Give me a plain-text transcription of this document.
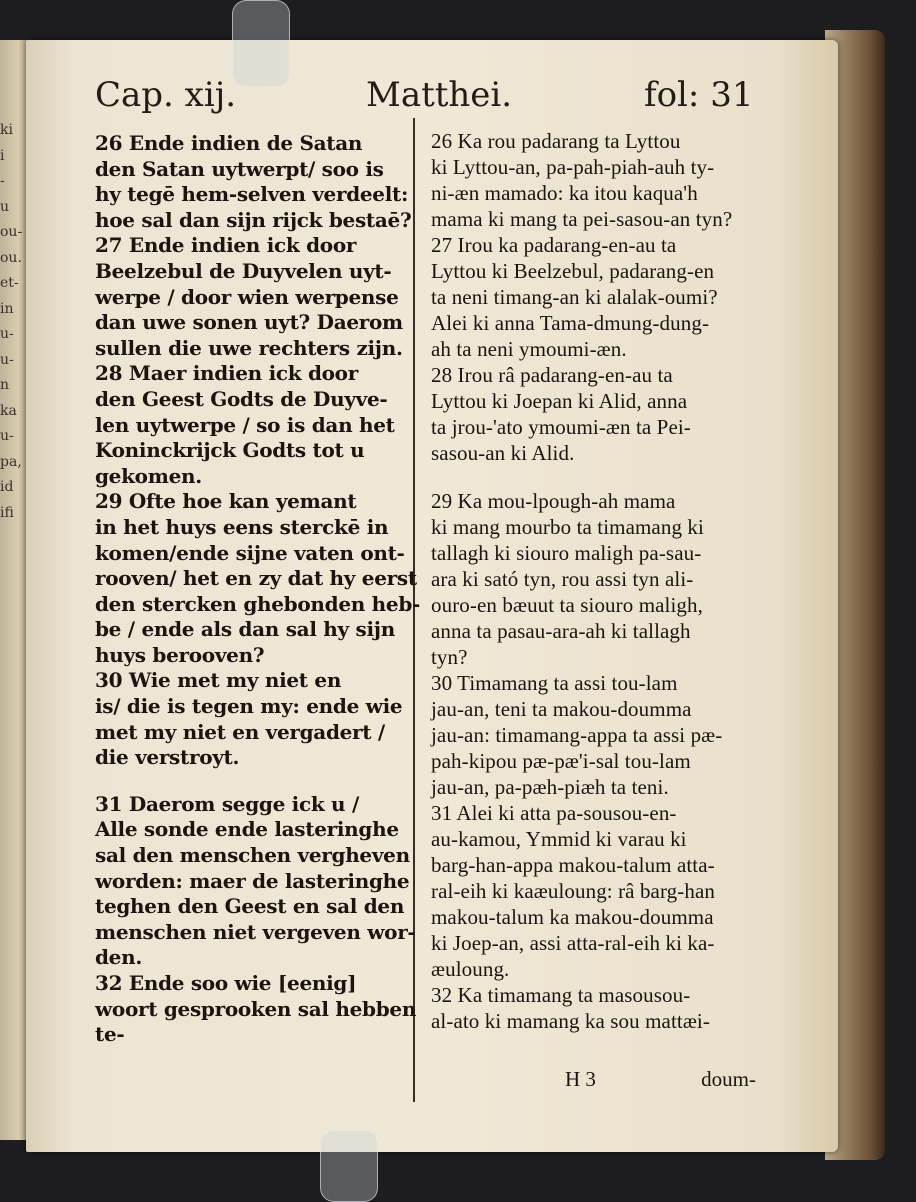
ki
i
-
u
ou-
ou.
et-
in
u-
u-
n
ka
u-
pa,
id
ifi
Cap. xij.	Matthei.	fol: 31
26 Ende indien de Satan
den Satan uytwerpt/ soo is
hy tegē hem-selven verdeelt:
hoe sal dan sijn rijck bestaē?
27 Ende indien ick door
Beelzebul de Duyvelen uyt-
werpe / door wien werpense
dan uwe sonen uyt? Daerom
sullen die uwe rechters zijn.
28 Maer indien ick door
den Geest Godts de Duyve-
len uytwerpe / so is dan het
Koninckrijck Godts tot u
gekomen.
29 Ofte hoe kan yemant
in het huys eens sterckē in
komen/ende sijne vaten ont-
rooven/ het en zy dat hy eerst
den stercken ghebonden heb-
be / ende als dan sal hy sijn
huys berooven?
30 Wie met my niet en
is/ die is tegen my: ende wie
met my niet en vergadert /
die verstroyt.
31 Daerom segge ick u /
Alle sonde ende lasteringhe
sal den menschen vergheven
worden: maer de lasteringhe
teghen den Geest en sal den
menschen niet vergeven wor-
den.
32 Ende soo wie [eenig]
woort gesprooken sal hebben
te-
26 Ka rou padarang ta Lyttou
ki Lyttou-an, pa-pah-piah-auh ty-
ni-æn mamado: ka itou kaqua'h
mama ki mang ta pei-sasou-an tyn?
27 Irou ka padarang-en-au ta
Lyttou ki Beelzebul, padarang-en
ta neni timang-an ki alalak-oumi?
Alei ki anna Tama-dmung-dung-
ah ta neni ymoumi-æn.
28 Irou râ padarang-en-au ta
Lyttou ki Joepan ki Alid, anna
ta jrou-'ato ymoumi-æn ta Pei-
sasou-an ki Alid.
29 Ka mou-lpough-ah mama
ki mang mourbo ta timamang ki
tallagh ki siouro maligh pa-sau-
ara ki sató tyn, rou assi tyn ali-
ouro-en bæuut ta siouro maligh,
anna ta pasau-ara-ah ki tallagh
tyn?
30 Timamang ta assi tou-lam
jau-an, teni ta makou-doumma
jau-an: timamang-appa ta assi pæ-
pah-kipou pæ-pæ'i-sal tou-lam
jau-an, pa-pæh-piæh ta teni.
31 Alei ki atta pa-sousou-en-
au-kamou, Ymmid ki varau ki
barg-han-appa makou-talum atta-
ral-eih ki kaæuloung: râ barg-han
makou-talum ka makou-doumma
ki Joep-an, assi atta-ral-eih ki ka-
æuloung.
32 Ka timamang ta masousou-
al-ato ki mamang ka sou mattæi-
H 3	doum-
